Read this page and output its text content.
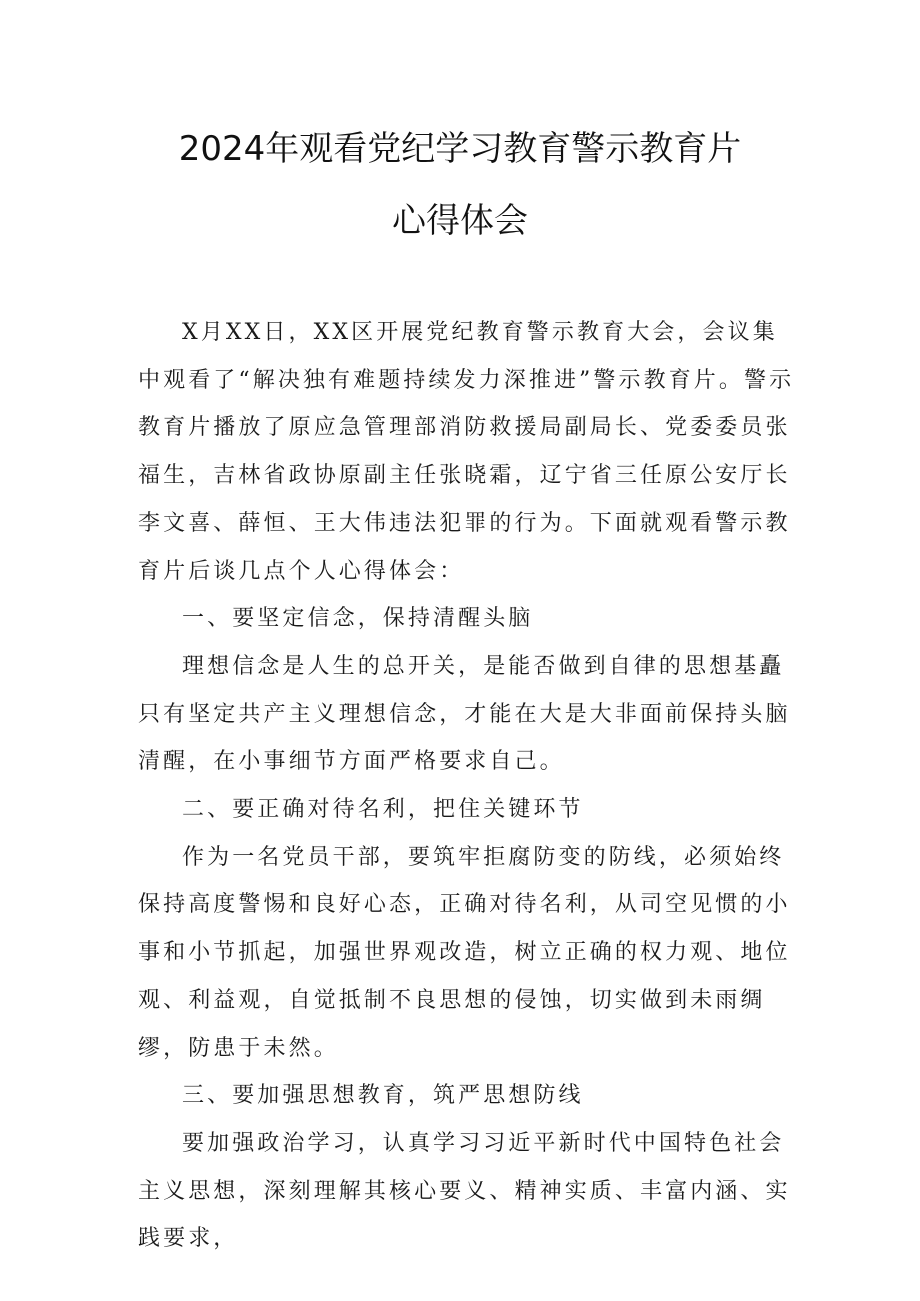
2024年观看党纪学习教育警示教育片
心得体会

X月XX日，XX区开展党纪教育警示教育大会，会议集中观看了“解决独有难题持续发力深推进”警示教育片。警示教育片播放了原应急管理部消防救援局副局长、党委委员张福生，吉林省政协原副主任张晓霜，辽宁省三任原公安厅长李文喜、薛恒、王大伟违法犯罪的行为。下面就观看警示教育片后谈几点个人心得体会：

一、要坚定信念，保持清醒头脑

理想信念是人生的总开关，是能否做到自律的思想基矗只有坚定共产主义理想信念，才能在大是大非面前保持头脑清醒，在小事细节方面严格要求自己。

二、要正确对待名利，把住关键环节

作为一名党员干部，要筑牢拒腐防变的防线，必须始终保持高度警惕和良好心态，正确对待名利，从司空见惯的小事和小节抓起，加强世界观改造，树立正确的权力观、地位观、利益观，自觉抵制不良思想的侵蚀，切实做到未雨绸缪，防患于未然。

三、要加强思想教育，筑严思想防线

要加强政治学习，认真学习习近平新时代中国特色社会主义思想，深刻理解其核心要义、精神实质、丰富内涵、实践要求，
